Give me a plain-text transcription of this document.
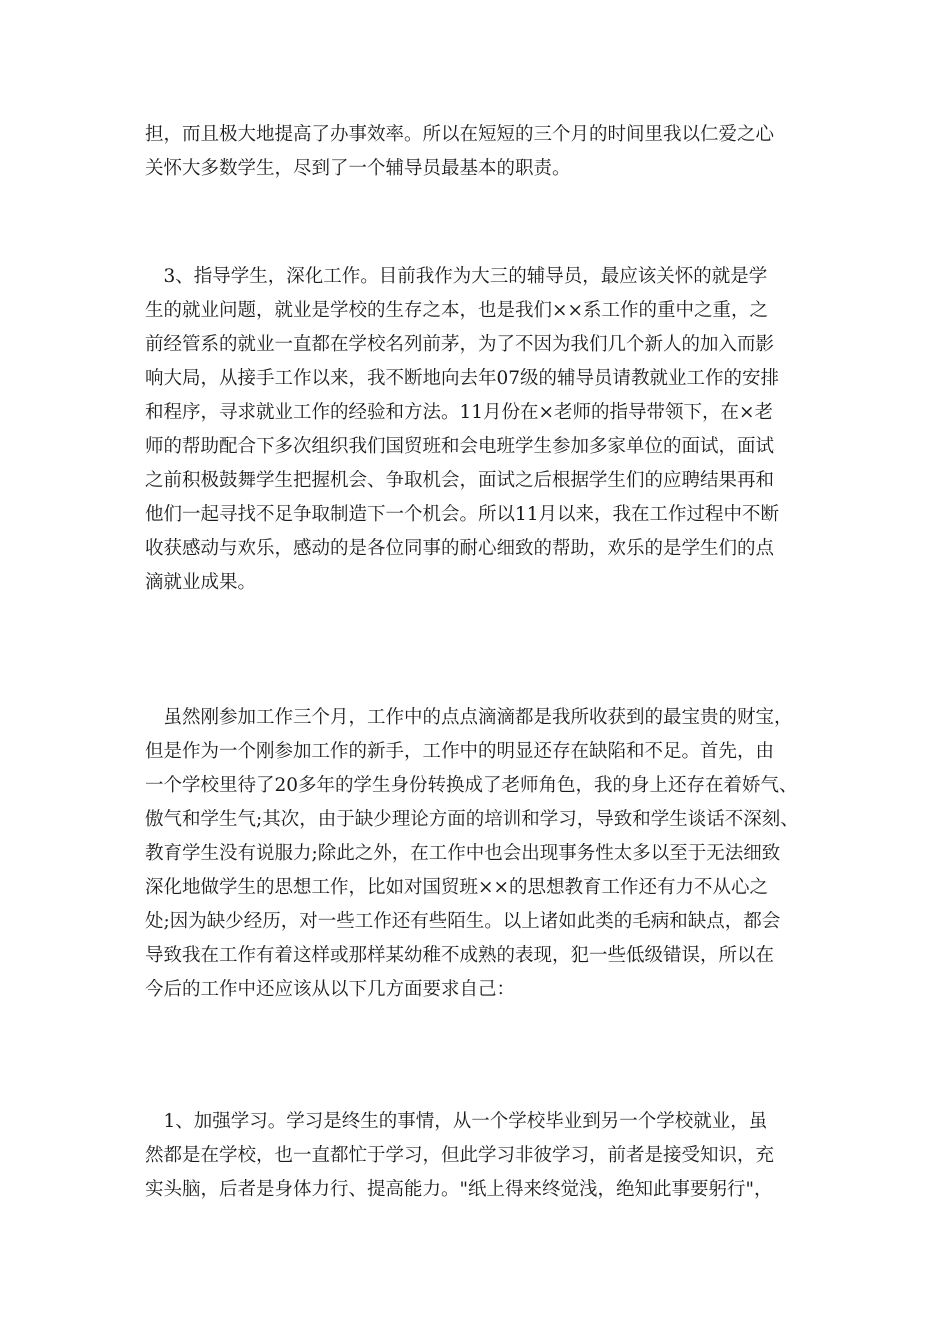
担，而且极大地提高了办事效率。所以在短短的三个月的时间里我以仁爱之心
关怀大多数学生，尽到了一个辅导员最基本的职责。
　3、指导学生，深化工作。目前我作为大三的辅导员，最应该关怀的就是学
生的就业问题，就业是学校的生存之本，也是我们××系工作的重中之重，之
前经管系的就业一直都在学校名列前茅，为了不因为我们几个新人的加入而影
响大局，从接手工作以来，我不断地向去年07级的辅导员请教就业工作的安排
和程序，寻求就业工作的经验和方法。11月份在×老师的指导带领下，在×老
师的帮助配合下多次组织我们国贸班和会电班学生参加多家单位的面试，面试
之前积极鼓舞学生把握机会、争取机会，面试之后根据学生们的应聘结果再和
他们一起寻找不足争取制造下一个机会。所以11月以来，我在工作过程中不断
收获感动与欢乐，感动的是各位同事的耐心细致的帮助，欢乐的是学生们的点
滴就业成果。
　虽然刚参加工作三个月，工作中的点点滴滴都是我所收获到的最宝贵的财宝，
但是作为一个刚参加工作的新手，工作中的明显还存在缺陷和不足。首先，由
一个学校里待了20多年的学生身份转换成了老师角色，我的身上还存在着娇气、
傲气和学生气;其次，由于缺少理论方面的培训和学习，导致和学生谈话不深刻、
教育学生没有说服力;除此之外，在工作中也会出现事务性太多以至于无法细致
深化地做学生的思想工作，比如对国贸班××的思想教育工作还有力不从心之
处;因为缺少经历，对一些工作还有些陌生。以上诸如此类的毛病和缺点，都会
导致我在工作有着这样或那样某幼稚不成熟的表现，犯一些低级错误，所以在
今后的工作中还应该从以下几方面要求自己：
　1、加强学习。学习是终生的事情，从一个学校毕业到另一个学校就业，虽
然都是在学校，也一直都忙于学习，但此学习非彼学习，前者是接受知识，充
实头脑，后者是身体力行、提高能力。"纸上得来终觉浅，绝知此事要躬行"，
